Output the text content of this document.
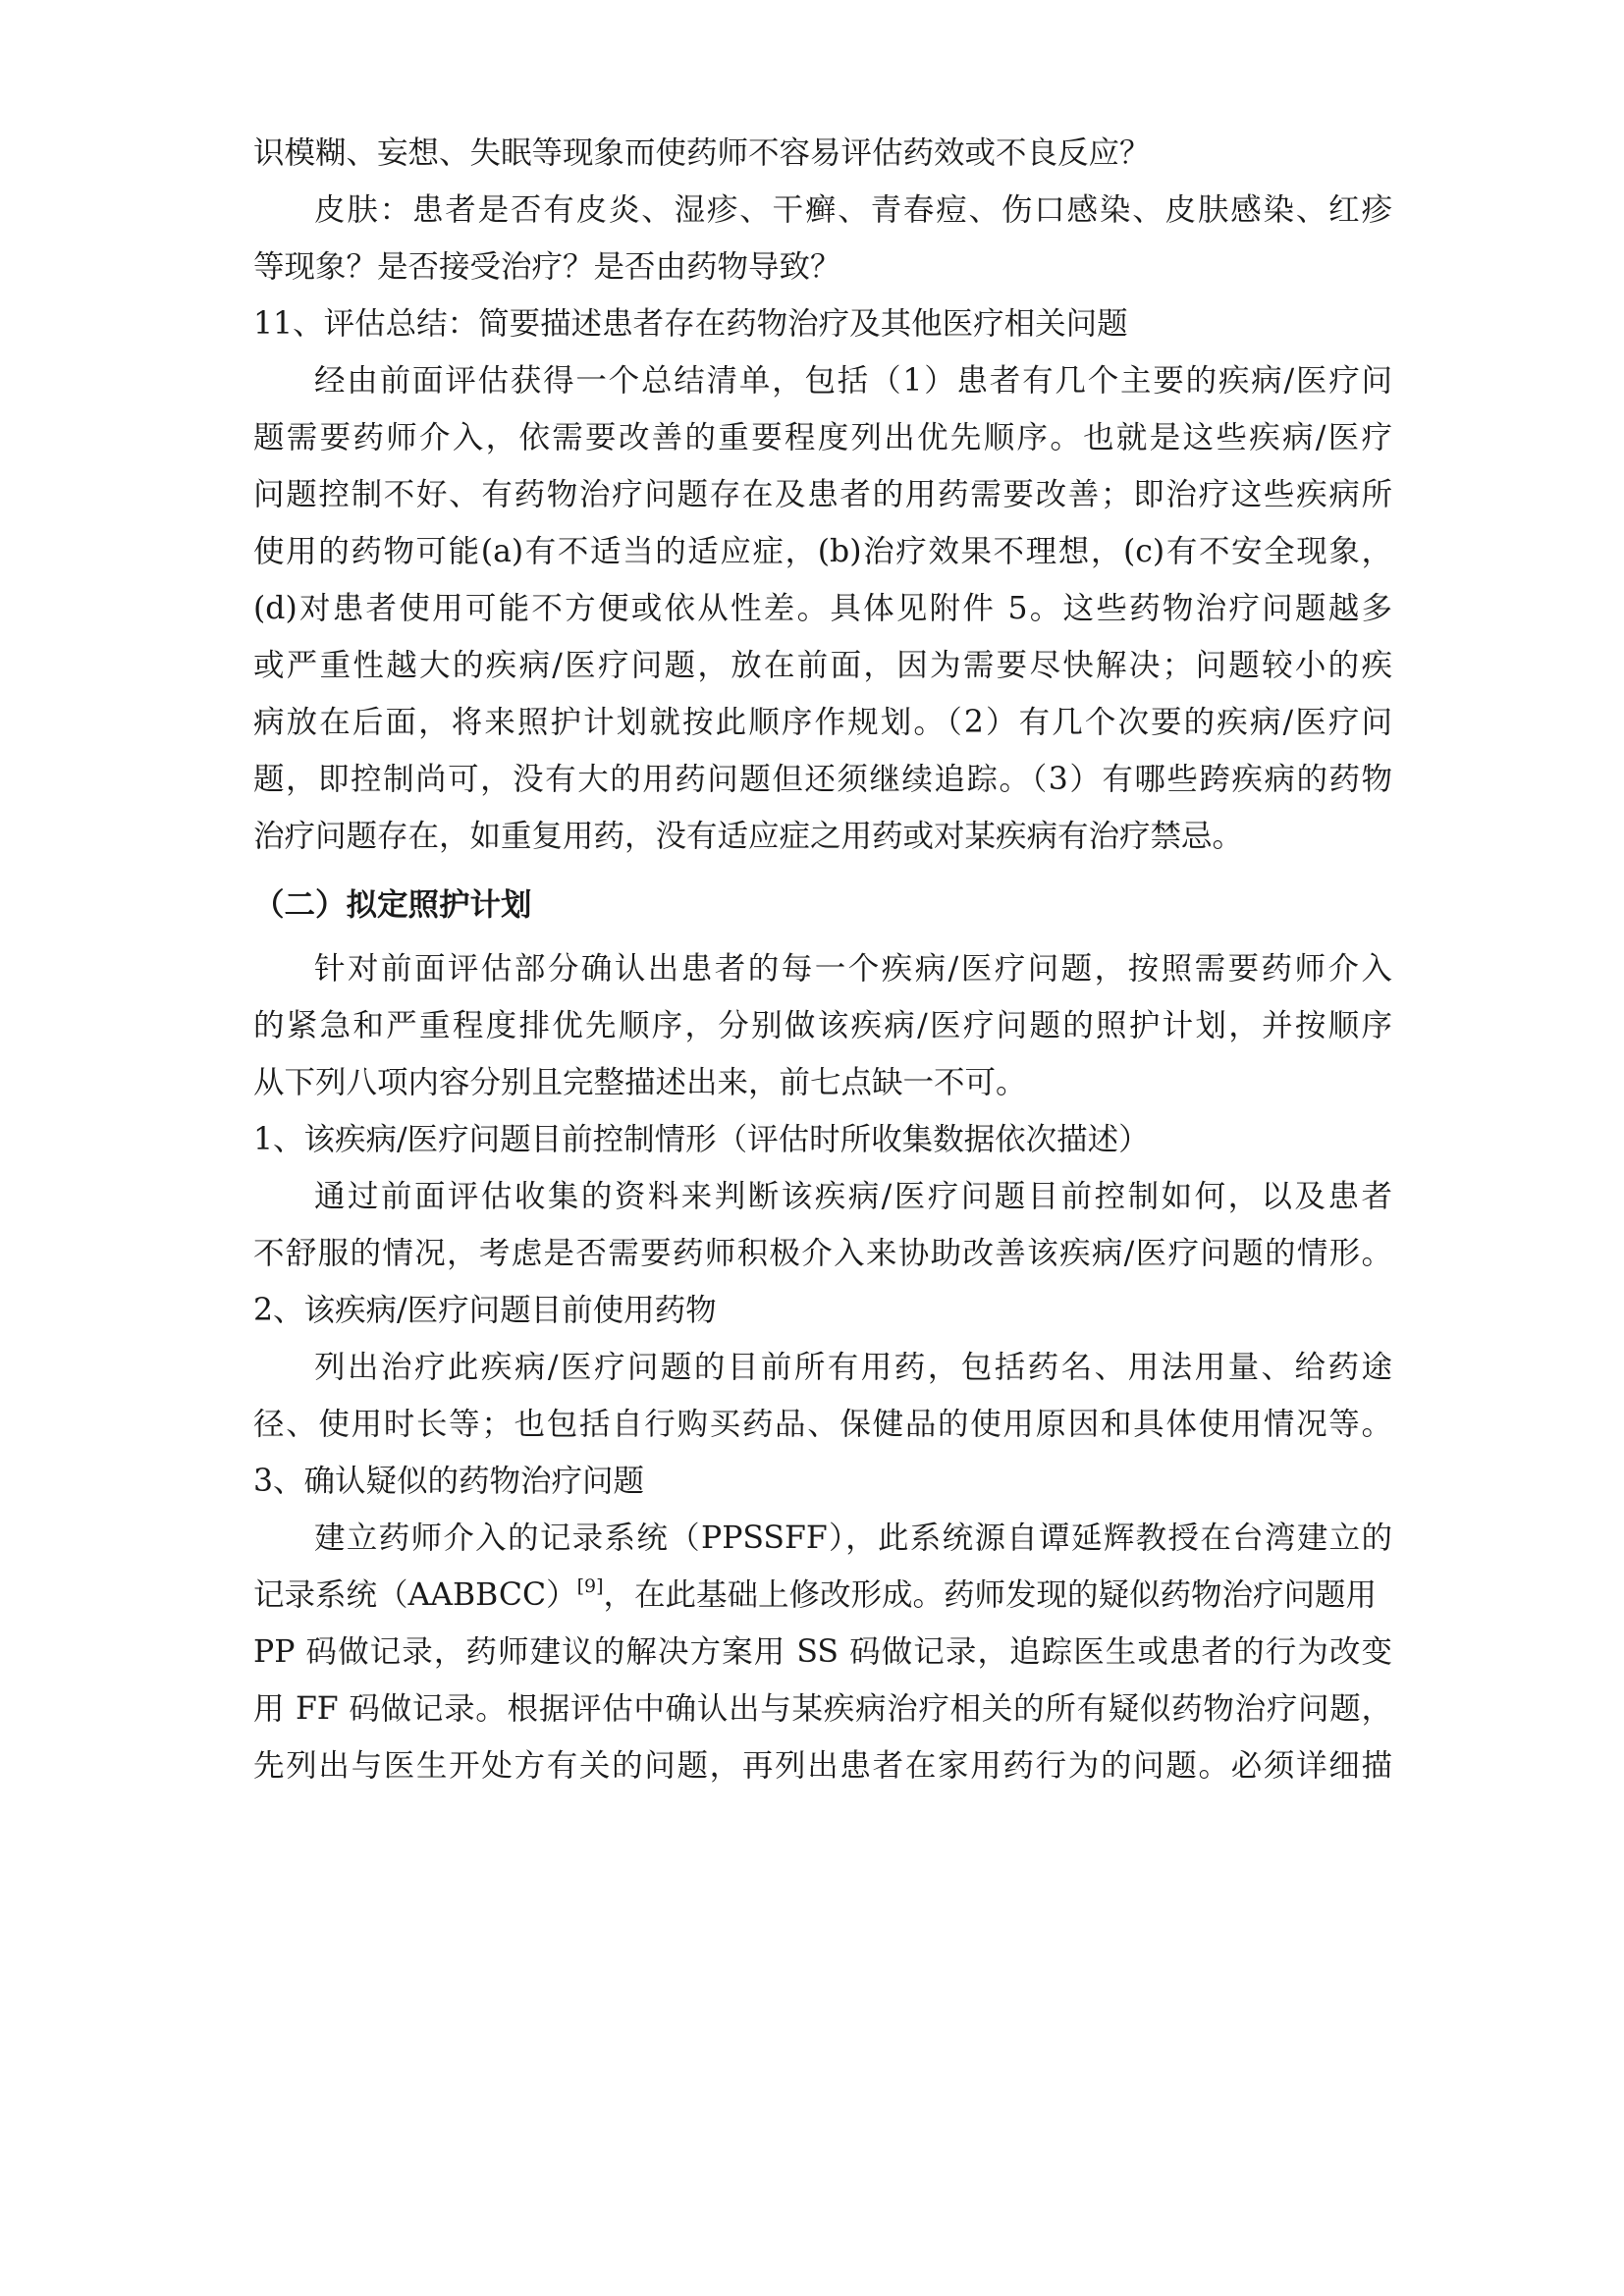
识模糊、妄想、失眠等现象而使药师不容易评估药效或不良反应？
皮肤：患者是否有皮炎、湿疹、干癣、青春痘、伤口感染、皮肤感染、红疹
等现象？是否接受治疗？是否由药物导致？
11、评估总结：简要描述患者存在药物治疗及其他医疗相关问题
经由前面评估获得一个总结清单，包括（1）患者有几个主要的疾病/医疗问
题需要药师介入，依需要改善的重要程度列出优先顺序。也就是这些疾病/医疗
问题控制不好、有药物治疗问题存在及患者的用药需要改善；即治疗这些疾病所
使用的药物可能(a)有不适当的适应症，(b)治疗效果不理想，(c)有不安全现象，
(d)对患者使用可能不方便或依从性差。具体见附件 5。这些药物治疗问题越多
或严重性越大的疾病/医疗问题，放在前面，因为需要尽快解决；问题较小的疾
病放在后面，将来照护计划就按此顺序作规划。（2）有几个次要的疾病/医疗问
题，即控制尚可，没有大的用药问题但还须继续追踪。（3）有哪些跨疾病的药物
治疗问题存在，如重复用药，没有适应症之用药或对某疾病有治疗禁忌。
（二）拟定照护计划
针对前面评估部分确认出患者的每一个疾病/医疗问题，按照需要药师介入
的紧急和严重程度排优先顺序，分别做该疾病/医疗问题的照护计划，并按顺序
从下列八项内容分别且完整描述出来，前七点缺一不可。
1、该疾病/医疗问题目前控制情形（评估时所收集数据依次描述）
通过前面评估收集的资料来判断该疾病/医疗问题目前控制如何，以及患者
不舒服的情况，考虑是否需要药师积极介入来协助改善该疾病/医疗问题的情形。
2、该疾病/医疗问题目前使用药物
列出治疗此疾病/医疗问题的目前所有用药，包括药名、用法用量、给药途
径、使用时长等；也包括自行购买药品、保健品的使用原因和具体使用情况等。
3、确认疑似的药物治疗问题
建立药师介入的记录系统（PPSSFF），此系统源自谭延辉教授在台湾建立的
记录系统（AABBCC）[9]，在此基础上修改形成。药师发现的疑似药物治疗问题用
PP 码做记录，药师建议的解决方案用 SS 码做记录，追踪医生或患者的行为改变
用 FF 码做记录。根据评估中确认出与某疾病治疗相关的所有疑似药物治疗问题，
先列出与医生开处方有关的问题，再列出患者在家用药行为的问题。必须详细描
